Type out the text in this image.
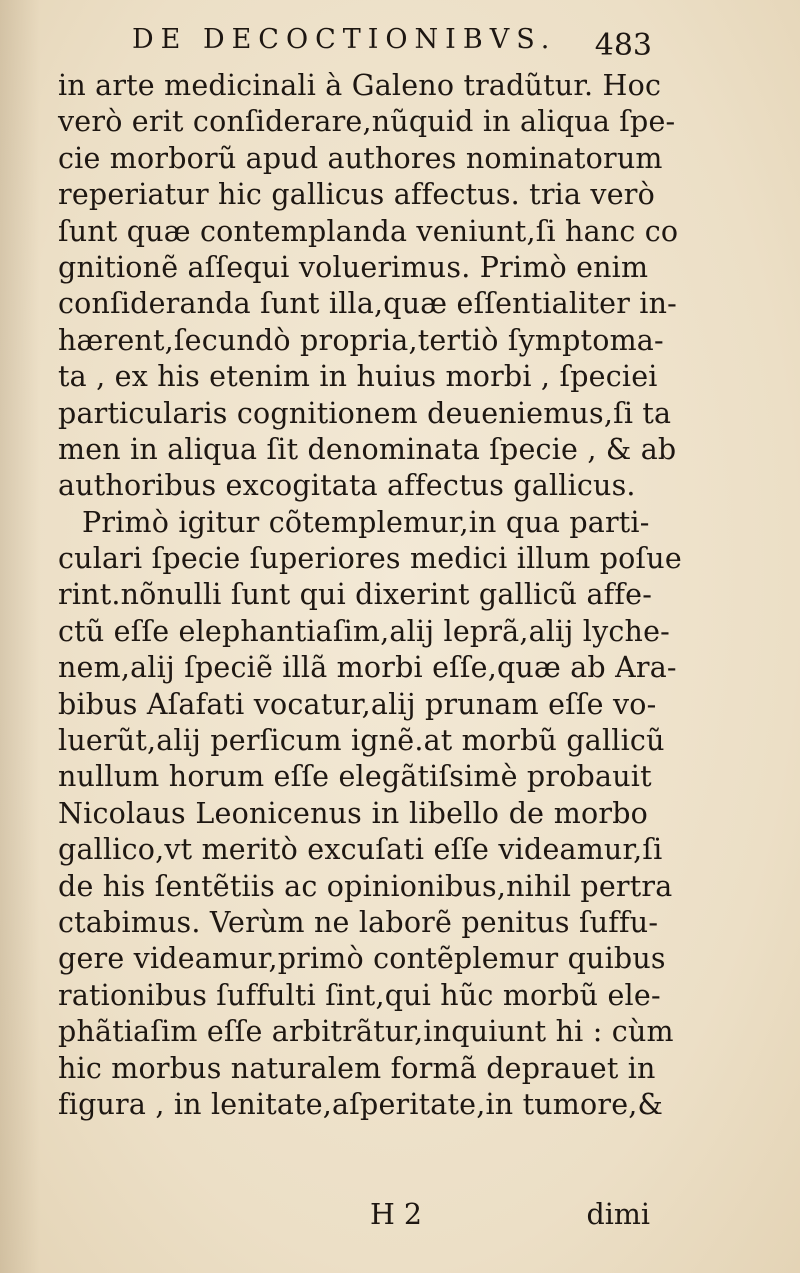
DE DECOCTIONIBVS. 483
in arte medicinali à Galeno tradũtur. Hoc
verò erit conſiderare,nũquid in aliqua ſpe-
cie morborũ apud authores nominatorum
reperiatur hic gallicus affectus. tria verò
ſunt quæ contemplanda veniunt,ſi hanc co
gnitionẽ aſſequi voluerimus. Primò enim
conſideranda ſunt illa,quæ eſſentialiter in-
hærent,ſecundò propria,tertiò ſymptoma-
ta , ex his etenim in huius morbi , ſpeciei
particularis cognitionem deueniemus,ſi ta
men in aliqua ſit denominata ſpecie , & ab
authoribus excogitata affectus gallicus.
Primò igitur cõtemplemur,in qua parti-
culari ſpecie ſuperiores medici illum poſue
rint.nõnulli ſunt qui dixerint gallicũ affe-
ctũ eſſe elephantiaſim,alij leprã,alij lyche-
nem,alij ſpeciẽ illã morbi eſſe,quæ ab Ara-
bibus Aſafati vocatur,alij prunam eſſe vo-
luerũt,alij perſicum ignẽ.at morbũ gallicũ
nullum horum eſſe elegãtiſsimè probauit
Nicolaus Leonicenus in libello de morbo
gallico,vt meritò excuſati eſſe videamur,ſi
de his ſentẽtiis ac opinionibus,nihil pertra
ctabimus. Verùm ne laborẽ penitus ſuffu-
gere videamur,primò contẽplemur quibus
rationibus ſuffulti ſint,qui hũc morbũ ele-
phãtiaſim eſſe arbitrãtur,inquiunt hi : cùm
hic morbus naturalem formã deprauet in
figura , in lenitate,aſperitate,in tumore,&
H 2	dimi
